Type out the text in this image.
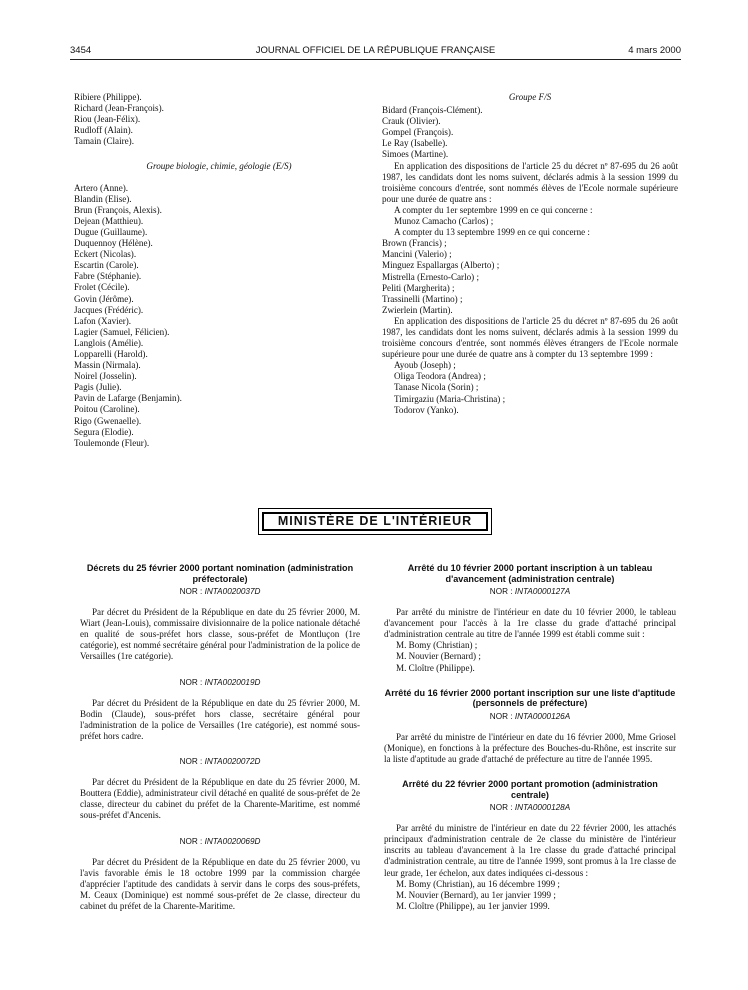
3454	JOURNAL OFFICIEL DE LA RÉPUBLIQUE FRANÇAISE	4 mars 2000
Ribiere (Philippe).
Richard (Jean-François).
Riou (Jean-Félix).
Rudloff (Alain).
Tamain (Claire).
Groupe biologie, chimie, géologie (E/S)
Artero (Anne).
Blandin (Elise).
Brun (François, Alexis).
Dejean (Matthieu).
Dugue (Guillaume).
Duquennoy (Hélène).
Eckert (Nicolas).
Escartin (Carole).
Fabre (Stéphanie).
Frolet (Cécile).
Govin (Jérôme).
Jacques (Frédéric).
Lafon (Xavier).
Lagier (Samuel, Félicien).
Langlois (Amélie).
Lopparelli (Harold).
Massin (Nirmala).
Noirel (Josselin).
Pagis (Julie).
Pavin de Lafarge (Benjamin).
Poitou (Caroline).
Rigo (Gwenaelle).
Segura (Elodie).
Toulemonde (Fleur).
Groupe F/S
Bidard (François-Clément).
Crauk (Olivier).
Gompel (François).
Le Ray (Isabelle).
Simoes (Martine).
En application des dispositions de l'article 25 du décret nº 87-695 du 26 août 1987, les candidats dont les noms suivent, déclarés admis à la session 1999 du troisième concours d'entrée, sont nommés élèves de l'Ecole normale supérieure pour une durée de quatre ans :
A compter du 1er septembre 1999 en ce qui concerne :
Munoz Camacho (Carlos) ;
A compter du 13 septembre 1999 en ce qui concerne :
Brown (Francis) ;
Mancini (Valerio) ;
Minguez Espallargas (Alberto) ;
Mistrella (Ernesto-Carlo) ;
Peliti (Margherita) ;
Trassinelli (Martino) ;
Zwierlein (Martin).
En application des dispositions de l'article 25 du décret nº 87-695 du 26 août 1987, les candidats dont les noms suivent, déclarés admis à la session 1999 du troisième concours d'entrée, sont nommés élèves étrangers de l'Ecole normale supérieure pour une durée de quatre ans à compter du 13 septembre 1999 :
Ayoub (Joseph) ;
Oliga Teodora (Andrea) ;
Tanase Nicola (Sorin) ;
Timirgaziu (Maria-Christina) ;
Todorov (Yanko).
MINISTÈRE DE L'INTÉRIEUR
Décrets du 25 février 2000 portant nomination (administration préfectorale)
NOR : INTA0020037D
Par décret du Président de la République en date du 25 février 2000, M. Wiart (Jean-Louis), commissaire divisionnaire de la police nationale détaché en qualité de sous-préfet hors classe, sous-préfet de Montluçon (1re catégorie), est nommé secrétaire général pour l'administration de la police de Versailles (1re catégorie).
NOR : INTA0020019D
Par décret du Président de la République en date du 25 février 2000, M. Bodin (Claude), sous-préfet hors classe, secrétaire général pour l'administration de la police de Versailles (1re catégorie), est nommé sous-préfet hors cadre.
NOR : INTA0020072D
Par décret du Président de la République en date du 25 février 2000, M. Bouttera (Eddie), administrateur civil détaché en qualité de sous-préfet de 2e classe, directeur du cabinet du préfet de la Charente-Maritime, est nommé sous-préfet d'Ancenis.
NOR : INTA0020069D
Par décret du Président de la République en date du 25 février 2000, vu l'avis favorable émis le 18 octobre 1999 par la commission chargée d'apprécier l'aptitude des candidats à servir dans le corps des sous-préfets, M. Ceaux (Dominique) est nommé sous-préfet de 2e classe, directeur du cabinet du préfet de la Charente-Maritime.
Arrêté du 10 février 2000 portant inscription à un tableau d'avancement (administration centrale)
NOR : INTA0000127A
Par arrêté du ministre de l'intérieur en date du 10 février 2000, le tableau d'avancement pour l'accès à la 1re classe du grade d'attaché principal d'administration centrale au titre de l'année 1999 est établi comme suit :
M. Bomy (Christian) ;
M. Nouvier (Bernard) ;
M. Cloître (Philippe).
Arrêté du 16 février 2000 portant inscription sur une liste d'aptitude (personnels de préfecture)
NOR : INTA0000126A
Par arrêté du ministre de l'intérieur en date du 16 février 2000, Mme Griosel (Monique), en fonctions à la préfecture des Bouches-du-Rhône, est inscrite sur la liste d'aptitude au grade d'attaché de préfecture au titre de l'année 1995.
Arrêté du 22 février 2000 portant promotion (administration centrale)
NOR : INTA0000128A
Par arrêté du ministre de l'intérieur en date du 22 février 2000, les attachés principaux d'administration centrale de 2e classe du ministère de l'intérieur inscrits au tableau d'avancement à la 1re classe du grade d'attaché principal d'administration centrale, au titre de l'année 1999, sont promus à la 1re classe de leur grade, 1er échelon, aux dates indiquées ci-dessous :
M. Bomy (Christian), au 16 décembre 1999 ;
M. Nouvier (Bernard), au 1er janvier 1999 ;
M. Cloître (Philippe), au 1er janvier 1999.
